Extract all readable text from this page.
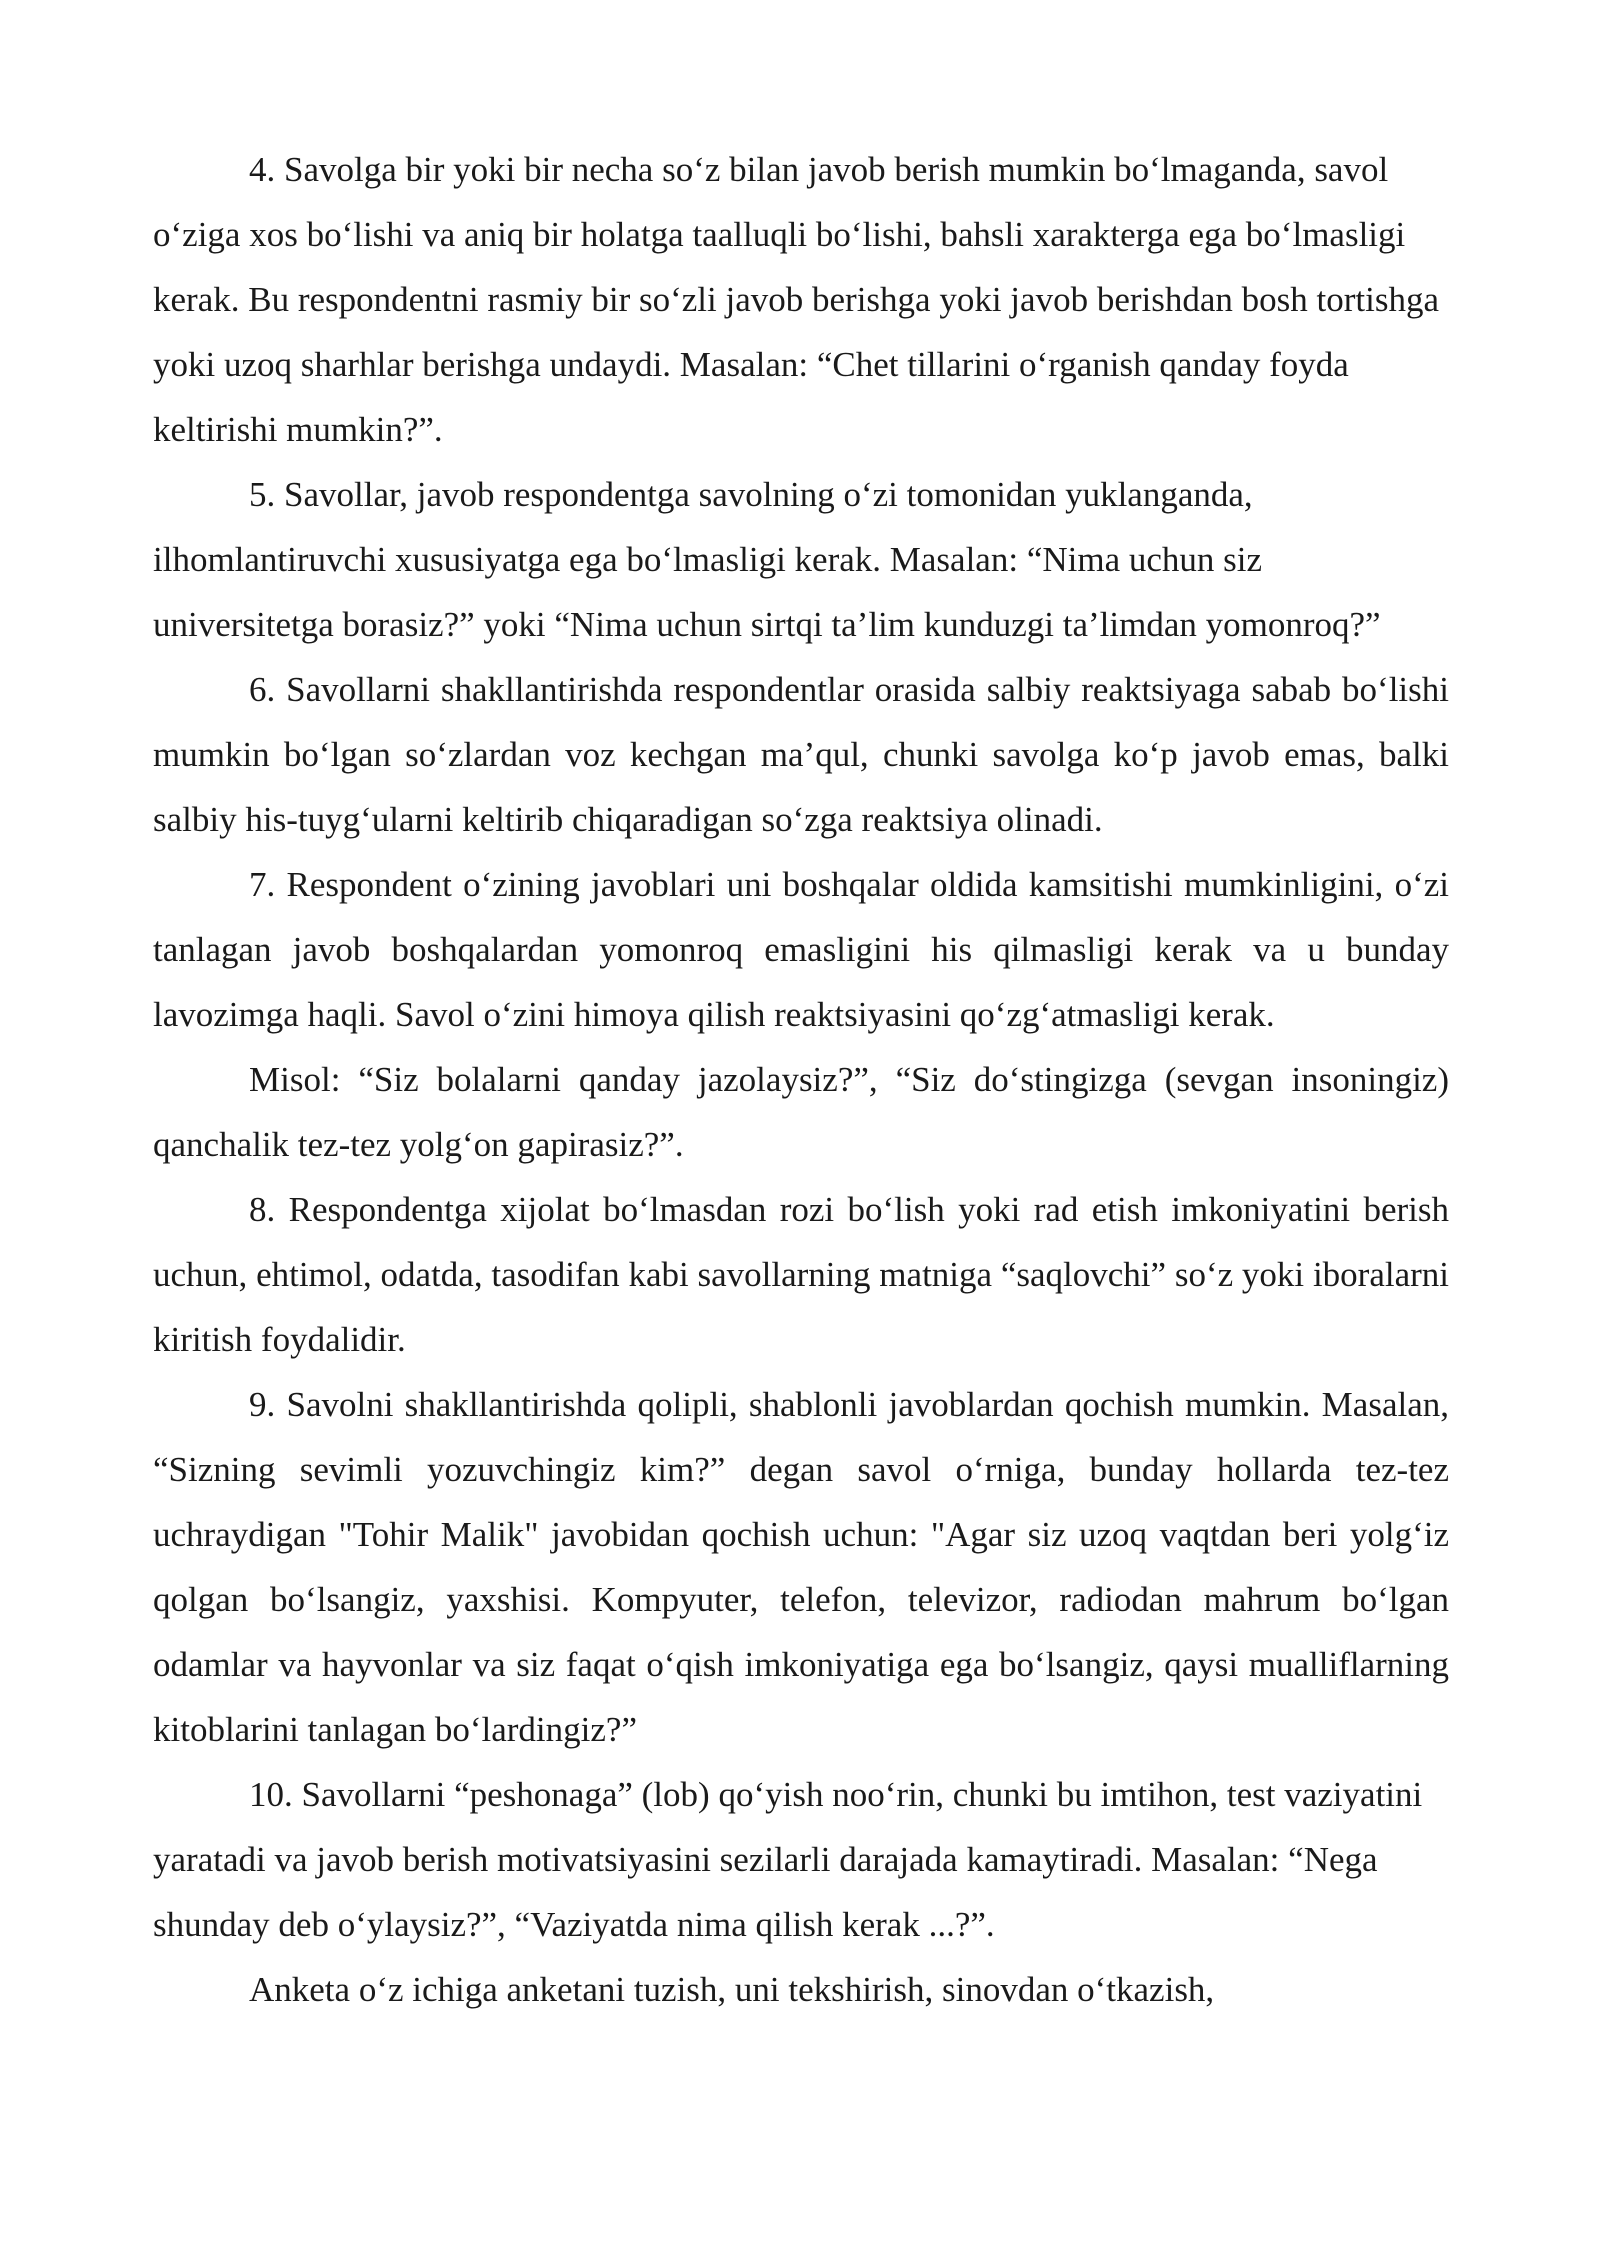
4. Savolga bir yoki bir necha so‘z bilan javob berish mumkin bo‘lmaganda, savol o‘ziga xos bo‘lishi va aniq bir holatga taalluqli bo‘lishi, bahsli xarakterga ega bo‘lmasligi kerak. Bu respondentni rasmiy bir so‘zli javob berishga yoki javob berishdan bosh tortishga yoki uzoq sharhlar berishga undaydi. Masalan: “Chet tillarini o‘rganish qanday foyda keltirishi mumkin?”.

5. Savollar, javob respondentga savolning o‘zi tomonidan yuklanganda, ilhomlantiruvchi xususiyatga ega bo‘lmasligi kerak. Masalan: “Nima uchun siz universitetga borasiz?” yoki “Nima uchun sirtqi ta’lim kunduzgi ta’limdan yomonroq?”

6. Savollarni shakllantirishda respondentlar orasida salbiy reaktsiyaga sabab bo‘lishi mumkin bo‘lgan so‘zlardan voz kechgan ma’qul, chunki savolga ko‘p javob emas, balki salbiy his-tuyg‘ularni keltirib chiqaradigan so‘zga reaktsiya olinadi.

7. Respondent o‘zining javoblari uni boshqalar oldida kamsitishi mumkinligini, o‘zi tanlagan javob boshqalardan yomonroq emasligini his qilmasligi kerak va u bunday lavozimga haqli. Savol o‘zini himoya qilish reaktsiyasini qo‘zg‘atmasligi kerak.

Misol: “Siz bolalarni qanday jazolaysiz?”, “Siz do‘stingizga (sevgan insoningiz) qanchalik tez-tez yolg‘on gapirasiz?”.

8. Respondentga xijolat bo‘lmasdan rozi bo‘lish yoki rad etish imkoniyatini berish uchun, ehtimol, odatda, tasodifan kabi savollarning matniga “saqlovchi” so‘z yoki iboralarni kiritish foydalidir.

9. Savolni shakllantirishda qolipli, shablonli javoblardan qochish mumkin. Masalan, “Sizning sevimli yozuvchingiz kim?” degan savol o‘rniga, bunday hollarda tez-tez uchraydigan "Tohir Malik" javobidan qochish uchun: "Agar siz uzoq vaqtdan beri yolg‘iz qolgan bo‘lsangiz, yaxshisi. Kompyuter, telefon, televizor, radiodan mahrum bo‘lgan odamlar va hayvonlar va siz faqat o‘qish imkoniyatiga ega bo‘lsangiz, qaysi mualliflarning kitoblarini tanlagan bo‘lardingiz?”

10. Savollarni “peshonaga” (lob) qo‘yish noo‘rin, chunki bu imtihon, test vaziyatini yaratadi va javob berish motivatsiyasini sezilarli darajada kamaytiradi. Masalan: “Nega shunday deb o‘ylaysiz?”, “Vaziyatda nima qilish kerak ...?”.

Anketa o‘z ichiga anketani tuzish, uni tekshirish, sinovdan o‘tkazish,
